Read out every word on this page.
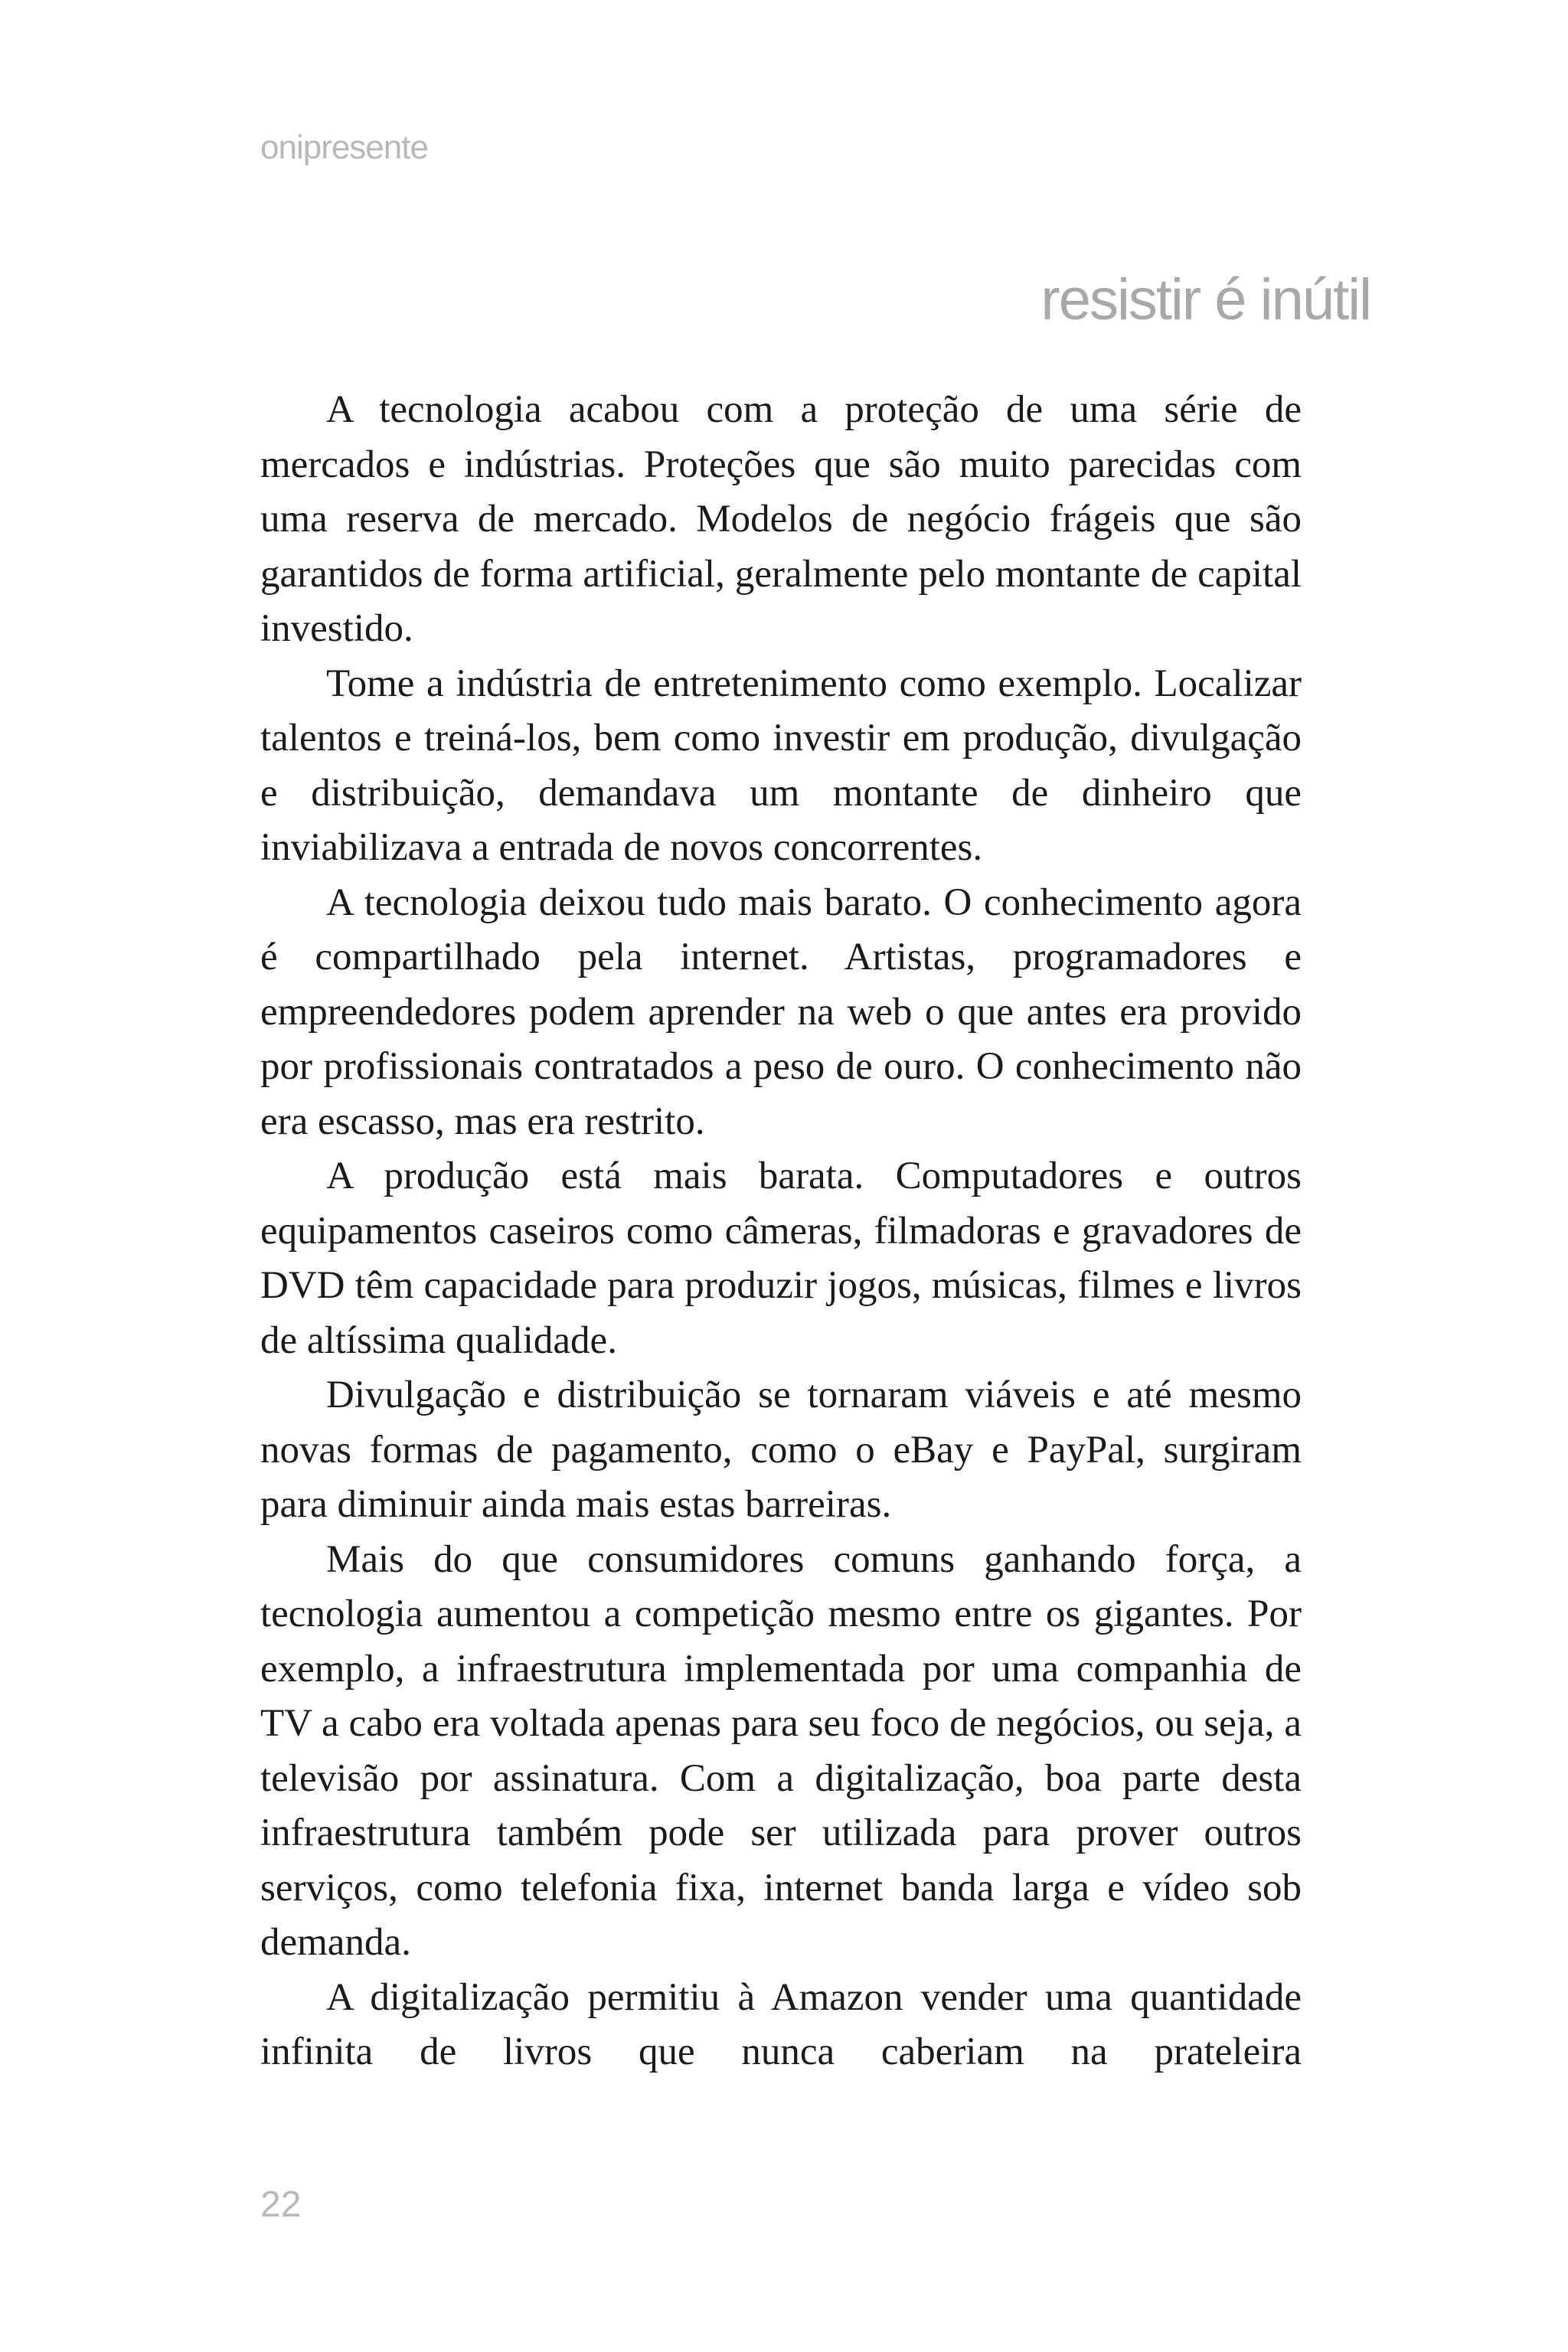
onipresente
resistir é inútil

A tecnologia acabou com a proteção de uma série de mercados e indústrias. Proteções que são muito parecidas com uma reserva de mercado. Modelos de negócio frágeis que são garantidos de forma artificial, geralmente pelo montante de capital investido.

Tome a indústria de entretenimento como exemplo. Localizar talentos e treiná-los, bem como investir em produção, divulgação e distribuição, demandava um montante de dinheiro que inviabilizava a entrada de novos concorrentes.

A tecnologia deixou tudo mais barato. O conhecimento agora é compartilhado pela internet. Artistas, programadores e empreendedores podem aprender na web o que antes era provido por profissionais contratados a peso de ouro. O conhecimento não era escasso, mas era restrito.

A produção está mais barata. Computadores e outros equipamentos caseiros como câmeras, filmadoras e gravadores de DVD têm capacidade para produzir jogos, músicas, filmes e livros de altíssima qualidade.

Divulgação e distribuição se tornaram viáveis e até mesmo novas formas de pagamento, como o eBay e PayPal, surgiram para diminuir ainda mais estas barreiras.

Mais do que consumidores comuns ganhando força, a tecnologia aumentou a competição mesmo entre os gigantes. Por exemplo, a infraestrutura implementada por uma companhia de TV a cabo era voltada apenas para seu foco de negócios, ou seja, a televisão por assinatura. Com a digitalização, boa parte desta infraestrutura também pode ser utilizada para prover outros serviços, como telefonia fixa, internet banda larga e vídeo sob demanda.

A digitalização permitiu à Amazon vender uma quantidade infinita de livros que nunca caberiam na prateleira

22
